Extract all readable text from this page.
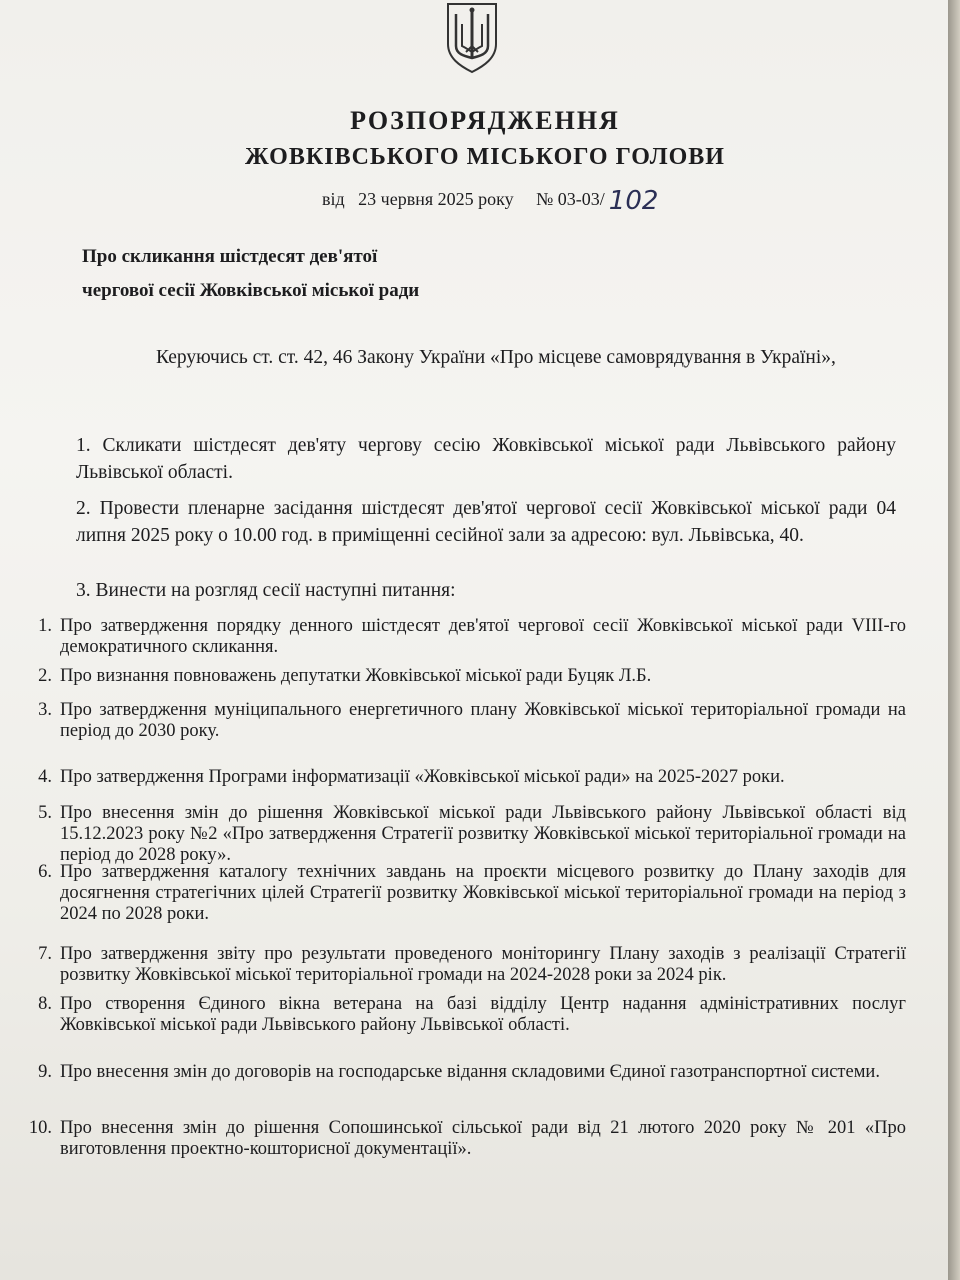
РОЗПОРЯДЖЕННЯ
ЖОВКІВСЬКОГО МІСЬКОГО ГОЛОВИ
від 23 червня 2025 року № 03-03/ 102
Про скликання шістдесят дев'ятої
чергової сесії Жовківської міської ради
Керуючись ст. ст. 42, 46 Закону України «Про місцеве самоврядування в Україні»,
1. Скликати шістдесят дев'яту чергову сесію Жовківської міської ради Львівського району Львівської області.
2. Провести пленарне засідання шістдесят дев'ятої чергової сесії Жовківської міської ради 04 липня 2025 року о 10.00 год. в приміщенні сесійної зали за адресою: вул. Львівська, 40.
3. Винести на розгляд сесії наступні питання:
1. Про затвердження порядку денного шістдесят дев'ятої чергової сесії Жовківської міської ради VIII-го демократичного скликання.
2. Про визнання повноважень депутатки Жовківської міської ради Буцяк Л.Б.
3. Про затвердження муніципального енергетичного плану Жовківської міської територіальної громади на період до 2030 року.
4. Про затвердження Програми інформатизації «Жовківської міської ради» на 2025-2027 роки.
5. Про внесення змін до рішення Жовківської міської ради Львівського району Львівської області від 15.12.2023 року №2 «Про затвердження Стратегії розвитку Жовківської міської територіальної громади на період до 2028 року».
6. Про затвердження каталогу технічних завдань на проєкти місцевого розвитку до Плану заходів для досягнення стратегічних цілей Стратегії розвитку Жовківської міської територіальної громади на період з 2024 по 2028 роки.
7. Про затвердження звіту про результати проведеного моніторингу Плану заходів з реалізації Стратегії розвитку Жовківської міської територіальної громади на 2024-2028 роки за 2024 рік.
8. Про створення Єдиного вікна ветерана на базі відділу Центр надання адміністративних послуг Жовківської міської ради Львівського району Львівської області.
9. Про внесення змін до договорів на господарське відання складовими Єдиної газотранспортної системи.
10. Про внесення змін до рішення Сопошинської сільської ради від 21 лютого 2020 року № 201 «Про виготовлення проектно-кошторисної документації».
